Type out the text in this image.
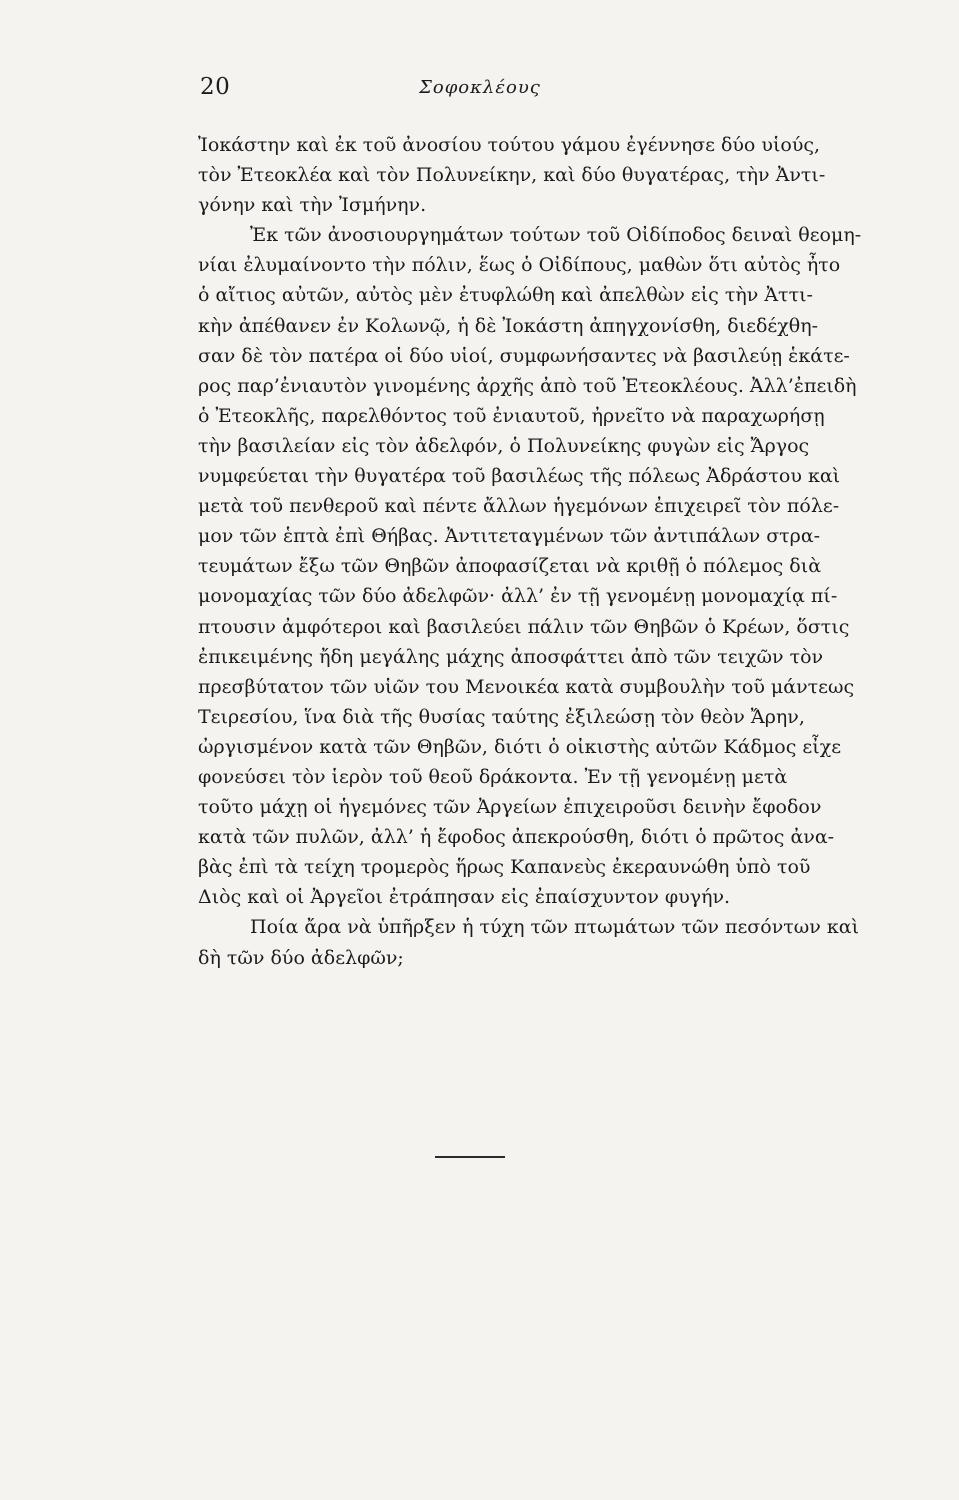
20	Σοφοκλέους
Ἰοκάστην καὶ ἐκ τοῦ ἀνοσίου τούτου γάμου ἐγέννησε δύο υἱούς,
τὸν Ἐτεοκλέα καὶ τὸν Πολυνείκην, καὶ δύο θυγατέρας, τὴν Ἀντι-
γόνην καὶ τὴν Ἰσμήνην.
Ἐκ τῶν ἀνοσιουργημάτων τούτων τοῦ Οἰδίποδος δειναὶ θεομη-
νίαι ἐλυμαίνοντο τὴν πόλιν, ἕως ὁ Οἰδίπους, μαθὼν ὅτι αὐτὸς ἦτο
ὁ αἴτιος αὐτῶν, αὐτὸς μὲν ἐτυφλώθη καὶ ἀπελθὼν εἰς τὴν Ἀττι-
κὴν ἀπέθανεν ἐν Κολωνῷ, ἡ δὲ Ἰοκάστη ἀπηγχονίσθη, διεδέχθη-
σαν δὲ τὸν πατέρα οἱ δύο υἱοί, συμφωνήσαντες νὰ βασιλεύῃ ἑκάτε-
ρος παρ’ἐνιαυτὸν γινομένης ἀρχῆς ἀπὸ τοῦ Ἐτεοκλέους. Ἀλλ’ἐπειδὴ
ὁ Ἐτεοκλῆς, παρελθόντος τοῦ ἐνιαυτοῦ, ἠρνεῖτο νὰ παραχωρήσῃ
τὴν βασιλείαν εἰς τὸν ἀδελφόν, ὁ Πολυνείκης φυγὼν εἰς Ἄργος
νυμφεύεται τὴν θυγατέρα τοῦ βασιλέως τῆς πόλεως Ἀδράστου καὶ
μετὰ τοῦ πενθεροῦ καὶ πέντε ἄλλων ἡγεμόνων ἐπιχειρεῖ τὸν πόλε-
μον τῶν ἑπτὰ ἐπὶ Θήβας. Ἀντιτεταγμένων τῶν ἀντιπάλων στρα-
τευμάτων ἔξω τῶν Θηβῶν ἀποφασίζεται νὰ κριθῇ ὁ πόλεμος διὰ
μονομαχίας τῶν δύο ἀδελφῶν· ἀλλ’ ἐν τῇ γενομένῃ μονομαχίᾳ πί-
πτουσιν ἀμφότεροι καὶ βασιλεύει πάλιν τῶν Θηβῶν ὁ Κρέων, ὅστις
ἐπικειμένης ἤδη μεγάλης μάχης ἀποσφάττει ἀπὸ τῶν τειχῶν τὸν
πρεσβύτατον τῶν υἱῶν του Μενοικέα κατὰ συμβουλὴν τοῦ μάντεως
Τειρεσίου, ἵνα διὰ τῆς θυσίας ταύτης ἐξιλεώσῃ τὸν θεὸν Ἄρην,
ὠργισμένον κατὰ τῶν Θηβῶν, διότι ὁ οἰκιστὴς αὐτῶν Κάδμος εἶχε
φονεύσει τὸν ἱερὸν τοῦ θεοῦ δράκοντα. Ἐν τῇ γενομένῃ μετὰ
τοῦτο μάχῃ οἱ ἡγεμόνες τῶν Ἀργείων ἐπιχειροῦσι δεινὴν ἔφοδον
κατὰ τῶν πυλῶν, ἀλλ’ ἡ ἔφοδος ἀπεκρούσθη, διότι ὁ πρῶτος ἀνα-
βὰς ἐπὶ τὰ τείχη τρομερὸς ἥρως Καπανεὺς ἐκεραυνώθη ὑπὸ τοῦ
Διὸς καὶ οἱ Ἀργεῖοι ἐτράπησαν εἰς ἐπαίσχυντον φυγήν.
Ποία ἄρα νὰ ὑπῆρξεν ἡ τύχη τῶν πτωμάτων τῶν πεσόντων καὶ
δὴ τῶν δύο ἀδελφῶν;
